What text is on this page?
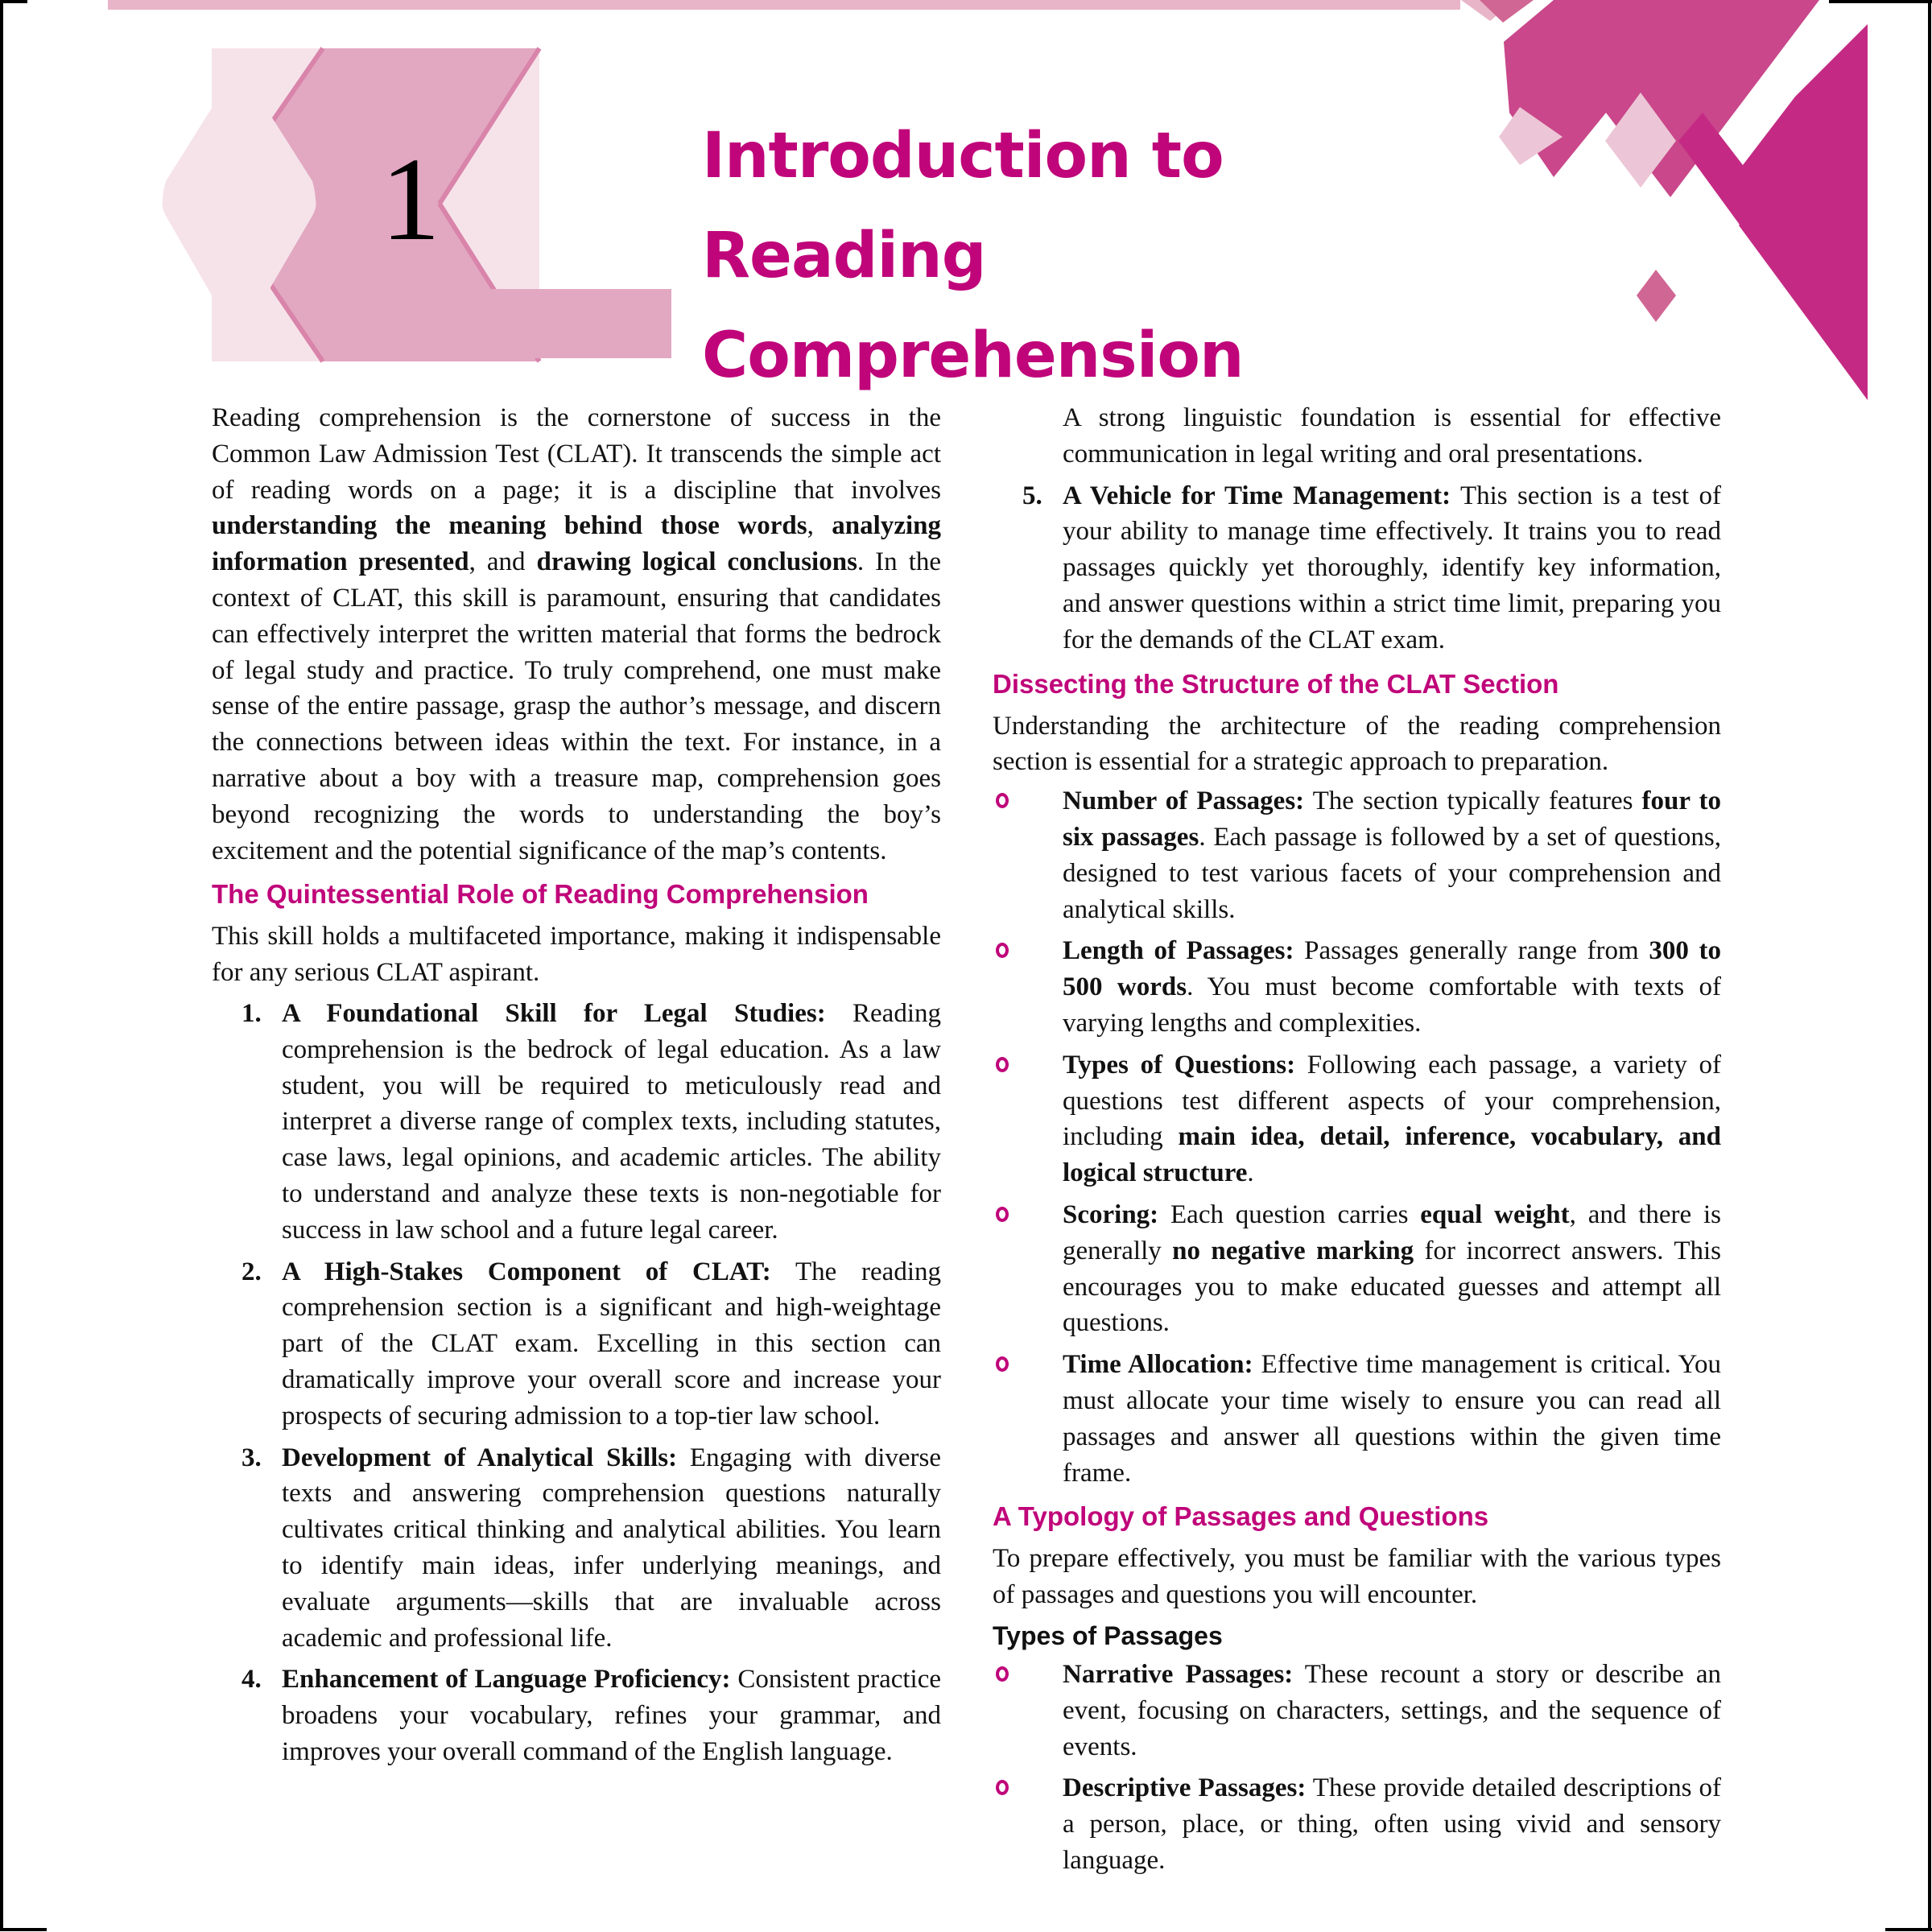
1	Introduction to Reading Comprehension

Reading comprehension is the cornerstone of success in the Common Law Admission Test (CLAT). It transcends the simple act of reading words on a page; it is a discipline that involves understanding the meaning behind those words, analyzing information presented, and drawing logical conclusions. In the context of CLAT, this skill is paramount, ensuring that candidates can effectively interpret the written material that forms the bedrock of legal study and practice. To truly comprehend, one must make sense of the entire passage, grasp the author’s message, and discern the connections between ideas within the text. For instance, in a narrative about a boy with a treasure map, comprehension goes beyond recognizing the words to understanding the boy’s excitement and the potential significance of the map’s contents.

The Quintessential Role of Reading Comprehension

This skill holds a multifaceted importance, making it indispensable for any serious CLAT aspirant.

1. A Foundational Skill for Legal Studies: Reading comprehension is the bedrock of legal education. As a law student, you will be required to meticulously read and interpret a diverse range of complex texts, including statutes, case laws, legal opinions, and academic articles. The ability to understand and analyze these texts is non-negotiable for success in law school and a future legal career.
2. A High-Stakes Component of CLAT: The reading comprehension section is a significant and high-weightage part of the CLAT exam. Excelling in this section can dramatically improve your overall score and increase your prospects of securing admission to a top-tier law school.
3. Development of Analytical Skills: Engaging with diverse texts and answering comprehension questions naturally cultivates critical thinking and analytical abilities. You learn to identify main ideas, infer underlying meanings, and evaluate arguments—skills that are invaluable across academic and professional life.
4. Enhancement of Language Proficiency: Consistent practice broadens your vocabulary, refines your grammar, and improves your overall command of the English language.
A strong linguistic foundation is essential for effective communication in legal writing and oral presentations.
5. A Vehicle for Time Management: This section is a test of your ability to manage time effectively. It trains you to read passages quickly yet thoroughly, identify key information, and answer questions within a strict time limit, preparing you for the demands of the CLAT exam.
Dissecting the Structure of the CLAT Section

Understanding the architecture of the reading comprehension section is essential for a strategic approach to preparation.

Number of Passages: The section typically features four to six passages. Each passage is followed by a set of questions, designed to test various facets of your comprehension and analytical skills.
Length of Passages: Passages generally range from 300 to 500 words. You must become comfortable with texts of varying lengths and complexities.
Types of Questions: Following each passage, a variety of questions test different aspects of your comprehension, including main idea, detail, inference, vocabulary, and logical structure.
Scoring: Each question carries equal weight, and there is generally no negative marking for incorrect answers. This encourages you to make educated guesses and attempt all questions.
Time Allocation: Effective time management is critical. You must allocate your time wisely to ensure you can read all passages and answer all questions within the given time frame.
A Typology of Passages and Questions

To prepare effectively, you must be familiar with the various types of passages and questions you will encounter.

Types of Passages
Narrative Passages: These recount a story or describe an event, focusing on characters, settings, and the sequence of events.
Descriptive Passages: These provide detailed descriptions of a person, place, or thing, often using vivid and sensory language.
